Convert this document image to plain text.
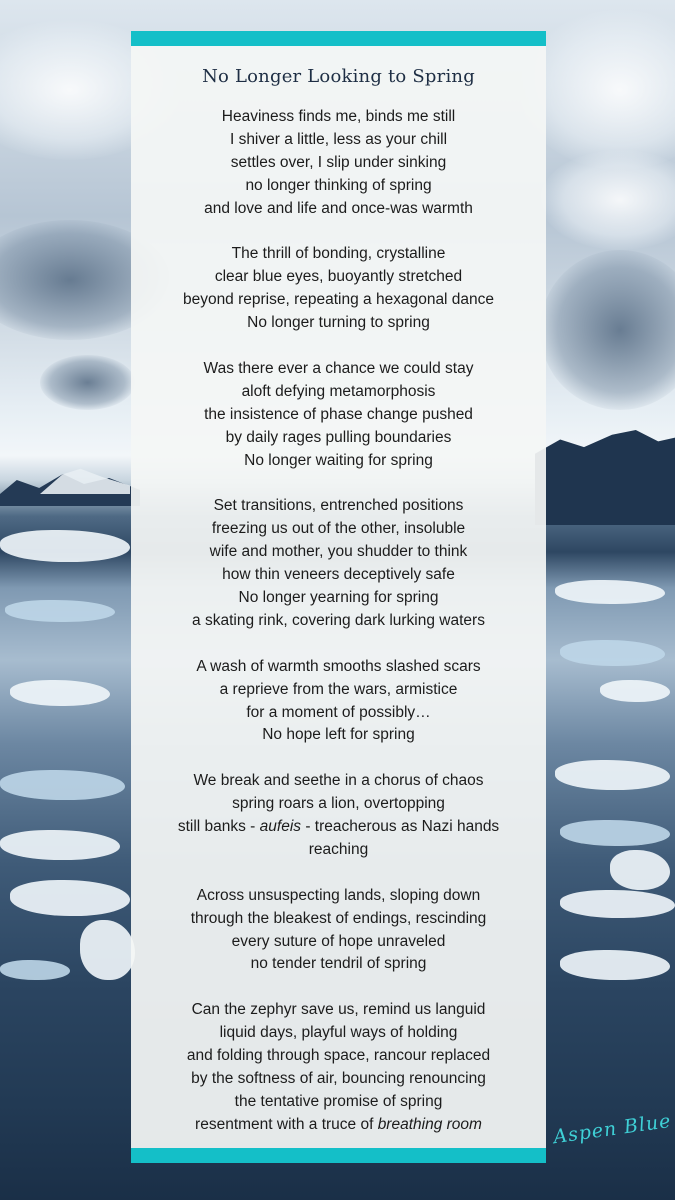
No Longer Looking to Spring
Heaviness finds me, binds me still
I shiver a little, less as your chill
settles over, I slip under sinking
no longer thinking of spring
and love and life and once-was warmth
The thrill of bonding, crystalline
clear blue eyes, buoyantly stretched
beyond reprise, repeating a hexagonal dance
No longer turning to spring
Was there ever a chance we could stay
aloft defying metamorphosis
the insistence of phase change pushed
by daily rages pulling boundaries
No longer waiting for spring
Set transitions, entrenched positions
freezing us out of the other, insoluble
wife and mother, you shudder to think
how thin veneers deceptively safe
No longer yearning for spring
a skating rink, covering dark lurking waters
A wash of warmth smooths slashed scars
a reprieve from the wars, armistice
for a moment of possibly…
No hope left for spring
We break and seethe in a chorus of chaos
spring roars a lion, overtopping
still banks - aufeis - treacherous as Nazi hands
reaching
Across unsuspecting lands, sloping down
through the bleakest of endings, rescinding
every suture of hope unraveled
no tender tendril of spring
Can the zephyr save us, remind us languid
liquid days, playful ways of holding
and folding through space, rancour replaced
by the softness of air, bouncing renouncing
the tentative promise of spring
resentment with a truce of breathing room	Aspen Blue
